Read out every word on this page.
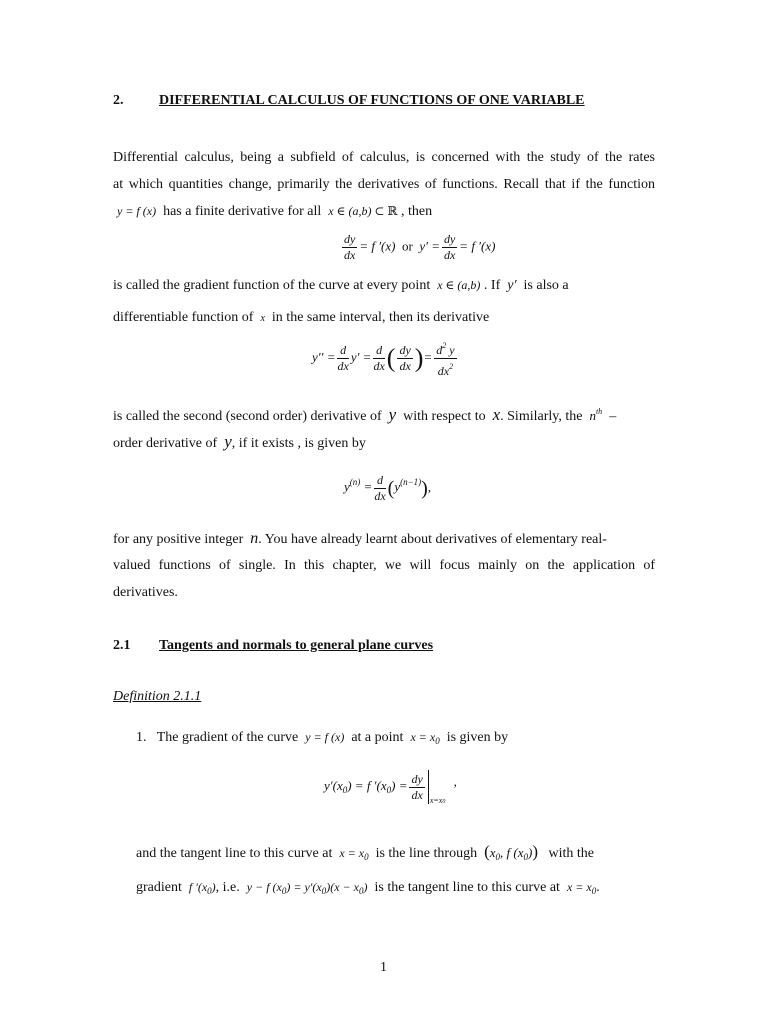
2.	DIFFERENTIAL CALCULUS OF FUNCTIONS OF ONE VARIABLE
Differential calculus, being a subfield of calculus, is concerned with the study of the rates
at which quantities change, primarily the derivatives of functions. Recall that if the function
y = f (x) has a finite derivative for all x ∈ (a,b) ⊂ ℝ , then
$\frac{dy}{dx} = f$ ′(x) or $y' = \frac{dy}{dx} = f$ ′(x)
is called the gradient function of the curve at every point x ∈ (a,b) . If y′ is also a
differentiable function of x in the same interval, then its derivative
$y'' = \frac{d}{dx} y' = \frac{d}{dx}$ ( $\frac{dy}{dx}$ )= $\frac{d^2 y}{dx^2}$
is called the second (second order) derivative of y with respect to x. Similarly, the $n^{th}$ –
order derivative of y, if it exists , is given by
$y^{(n)} = \frac{d}{dx} (y^{(n-1)})$,
for any positive integer n. You have already learnt about derivatives of elementary real-
valued functions of single. In this chapter, we will focus mainly on the application of
derivatives.
2.1 Tangents and normals to general plane curves
Definition 2.1.1
1. The gradient of the curve y = f (x) at a point $x = x_0$ is given by
$y'(x_0) = f$ $'(x_0) = \frac{dy}{dx} _{x=x0}$ ,
and the tangent line to this curve at $x = x_0$ is the line through ($x_0$, f $(x_0)$) with the
gradient f $'(x_0)$, i.e. y − f $(x_0) = y'(x_0)(x - x_0)$ is the tangent line to this curve at $x = x_0$.
1
